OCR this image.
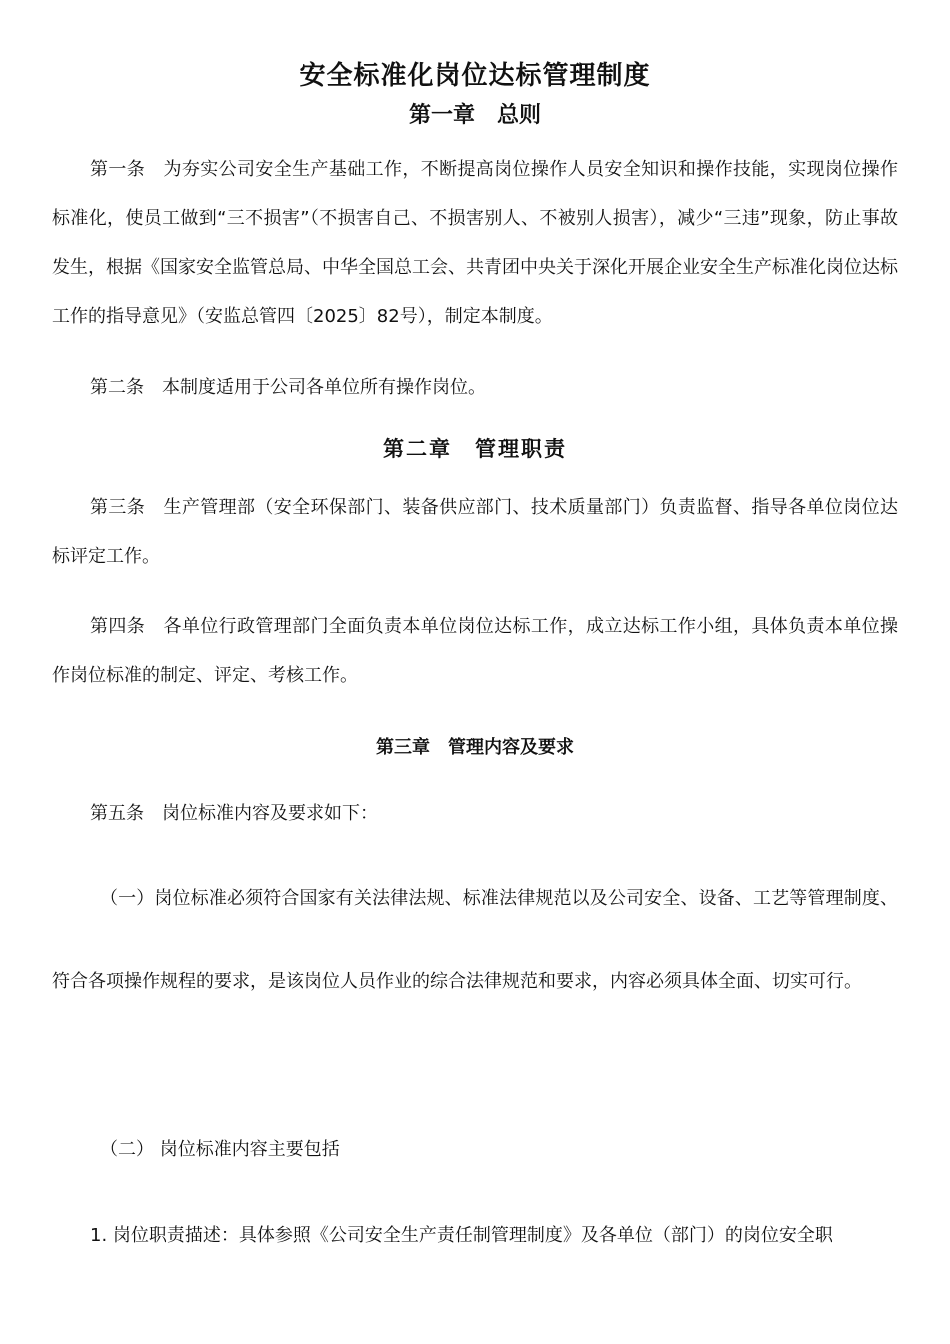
安全标准化岗位达标管理制度
第一章　总则
第一条　为夯实公司安全生产基础工作，不断提高岗位操作人员安全知识和操作技能，实现岗位操作标准化，使员工做到“三不损害”（不损害自己、不损害别人、不被别人损害），减少“三违”现象，防止事故发生，根据《国家安全监管总局、中华全国总工会、共青团中央关于深化开展企业安全生产标准化岗位达标工作的指导意见》（安监总管四〔2025〕82号），制定本制度。
第二条　本制度适用于公司各单位所有操作岗位。
第二章　管理职责
第三条　生产管理部（安全环保部门、装备供应部门、技术质量部门）负责监督、指导各单位岗位达标评定工作。
第四条　各单位行政管理部门全面负责本单位岗位达标工作，成立达标工作小组，具体负责本单位操作岗位标准的制定、评定、考核工作。
第三章　管理内容及要求
第五条　岗位标准内容及要求如下：
（一）岗位标准必须符合国家有关法律法规、标准法律规范以及公司安全、设备、工艺等管理制度、符合各项操作规程的要求，是该岗位人员作业的综合法律规范和要求，内容必须具体全面、切实可行。
（二） 岗位标准内容主要包括
1. 岗位职责描述：具体参照《公司安全生产责任制管理制度》及各单位（部门）的岗位安全职
